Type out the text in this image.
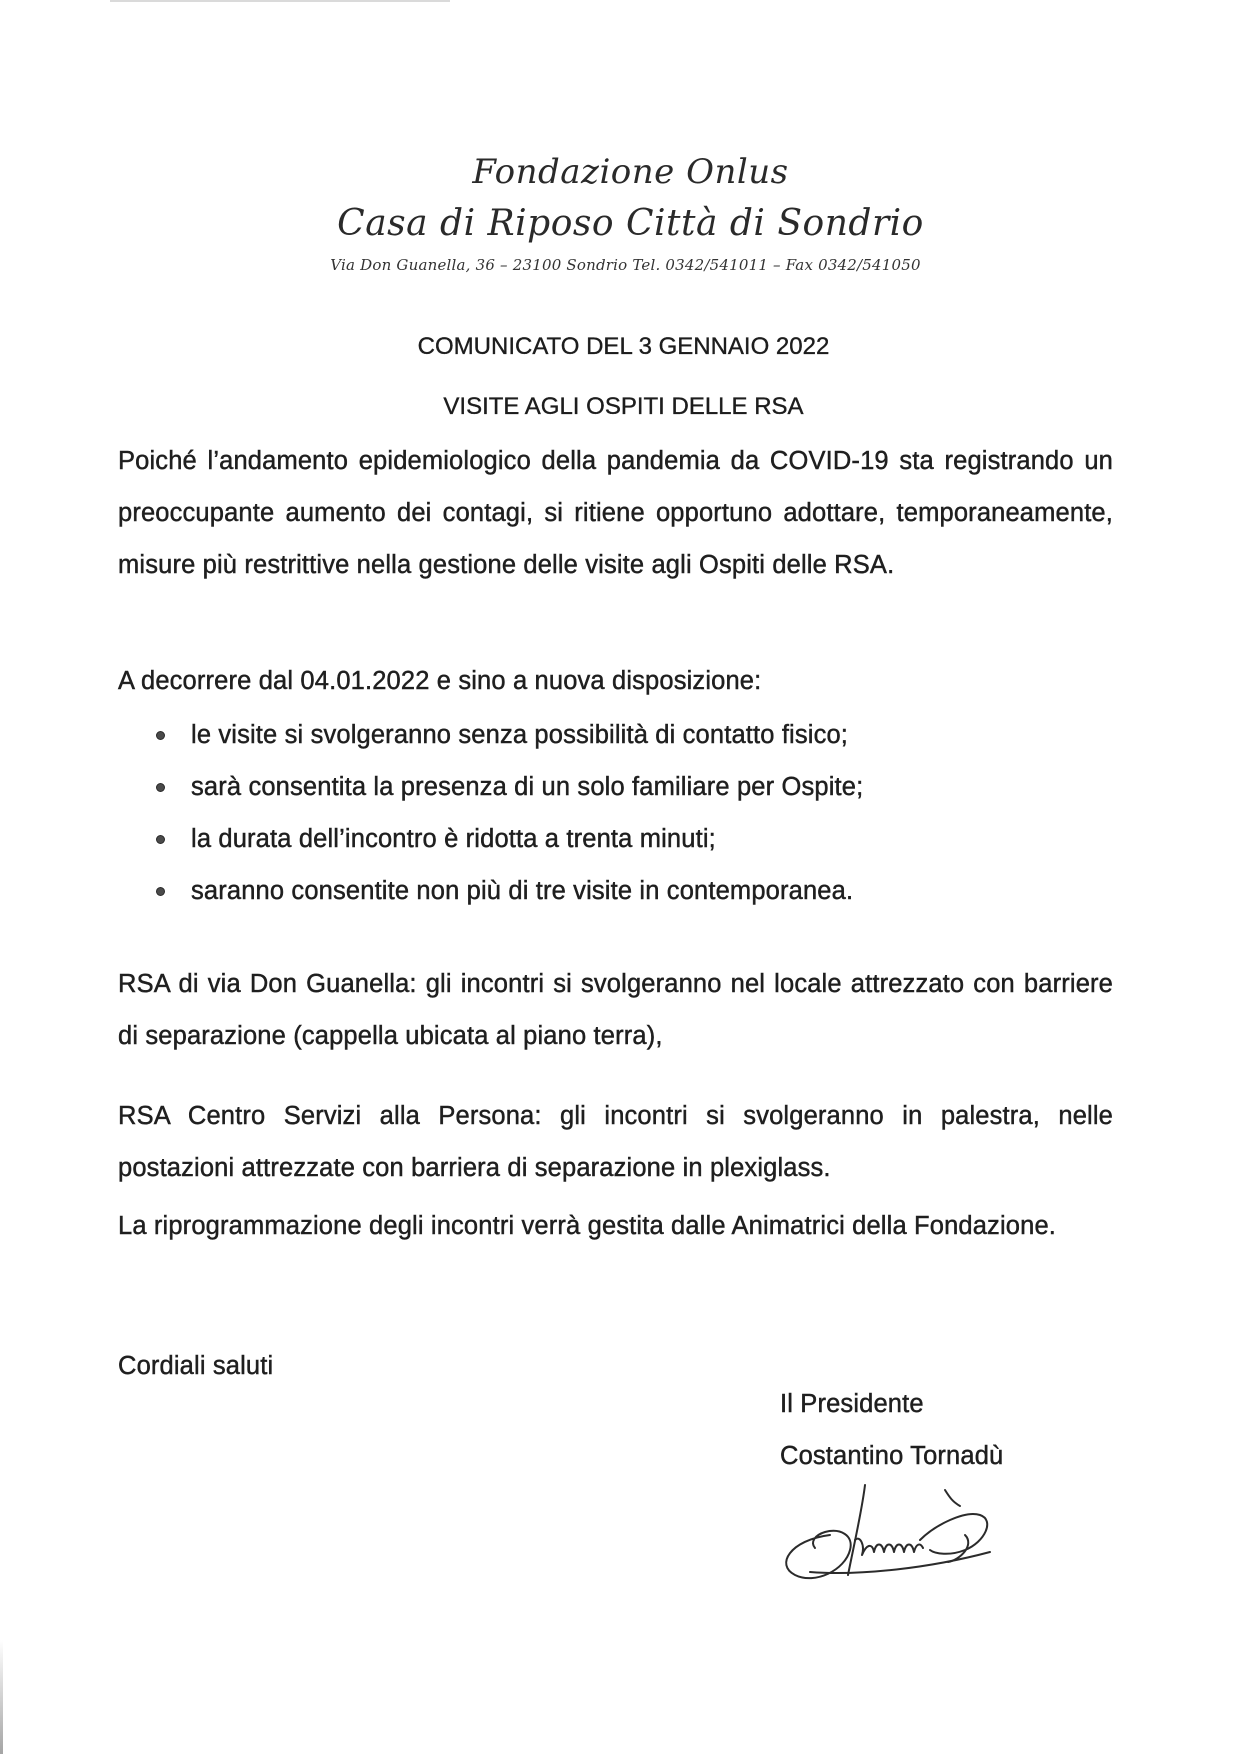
Fondazione Onlus
Casa di Riposo Città di Sondrio
Via Don Guanella, 36 – 23100 Sondrio Tel. 0342/541011 – Fax 0342/541050
COMUNICATO DEL 3 GENNAIO 2022
VISITE AGLI OSPITI DELLE RSA

Poiché l’andamento epidemiologico della pandemia da COVID-19 sta registrando un preoccupante aumento dei contagi, si ritiene opportuno adottare, temporaneamente, misure più restrittive nella gestione delle visite agli Ospiti delle RSA.

A decorrere dal 04.01.2022 e sino a nuova disposizione:

le visite si svolgeranno senza possibilità di contatto fisico;
sarà consentita la presenza di un solo familiare per Ospite;
la durata dell’incontro è ridotta a trenta minuti;
saranno consentite non più di tre visite in contemporanea.

RSA di via Don Guanella: gli incontri si svolgeranno nel locale attrezzato con barriere di separazione (cappella ubicata al piano terra),

RSA Centro Servizi alla Persona: gli incontri si svolgeranno in palestra, nelle postazioni attrezzate con barriera di separazione in plexiglass.

La riprogrammazione degli incontri verrà gestita dalle Animatrici della Fondazione.

Cordiali saluti

Il Presidente
Costantino Tornadù
